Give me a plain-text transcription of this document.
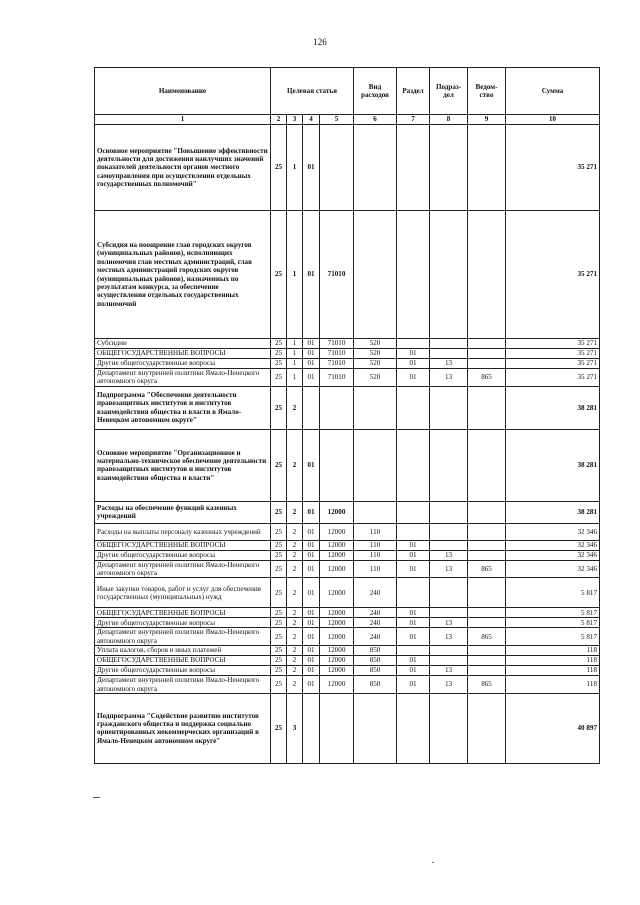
126
Наименование	Целевая статья				Вид расходов	Раздел	Подраз-дел	Ведом-ство	Сумма
1	2	3	4	5	6	7	8	9	10
Основное мероприятие "Повышение эффективности деятельности для достижения наилучших значений показателей деятельности органов местного самоуправления при осуществлении отдельных государственных полномочий"	25	1	01						35 271
Субсидия на поощрение глав городских округов (муниципальных районов), исполняющих полномочия глав местных администраций, глав местных администраций городских округов (муниципальных районов), назначенных по результатам конкурса, за обеспечение осуществления отдельных государственных полномочий	25	1	01	71010					35 271
Субсидии	25	1	01	71010	520				35 271
ОБЩЕГОСУДАРСТВЕННЫЕ ВОПРОСЫ	25	1	01	71010	520	01			35 271
Другие общегосударственные вопросы	25	1	01	71010	520	01	13		35 271
Департамент внутренней политики Ямало-Ненецкого автономного округа	25	1	01	71010	520	01	13	865	35 271
Подпрограмма "Обеспечение деятельности правозащитных институтов и институтов взаимодействия общества и власти в Ямало-Ненецком автономном округе"	25	2							38 281
Основное мероприятие "Организационное и материально-техническое обеспечение деятельности правозащитных институтов и институтов взаимодействия общества и власти"	25	2	01						38 281
Расходы на обеспечение функций казенных учреждений	25	2	01	12000					38 281
Расходы на выплаты персоналу казенных учреждений	25	2	01	12000	110				32 346
ОБЩЕГОСУДАРСТВЕННЫЕ ВОПРОСЫ	25	2	01	12000	110	01			32 346
Другие общегосударственные вопросы	25	2	01	12000	110	01	13		32 346
Департамент внутренней политики Ямало-Ненецкого автономного округа	25	2	01	12000	110	01	13	865	32 346
Иные закупки товаров, работ и услуг для обеспечения государственных (муниципальных) нужд	25	2	01	12000	240				5 817
ОБЩЕГОСУДАРСТВЕННЫЕ ВОПРОСЫ	25	2	01	12000	240	01			5 817
Другие общегосударственные вопросы	25	2	01	12000	240	01	13		5 817
Департамент внутренней политики Ямало-Ненецкого автономного округа	25	2	01	12000	240	01	13	865	5 817
Уплата налогов, сборов и иных платежей	25	2	01	12000	850				118
ОБЩЕГОСУДАРСТВЕННЫЕ ВОПРОСЫ	25	2	01	12000	850	01			118
Другие общегосударственные вопросы	25	2	01	12000	850	01	13		118
Департамент внутренней политики Ямало-Ненецкого автономного округа	25	2	01	12000	850	01	13	865	118
Подпрограмма "Содействие развитию институтов гражданского общества и поддержка социально ориентированных некоммерческих организаций в Ямало-Ненецком автономном округе"	25	3							40 897
